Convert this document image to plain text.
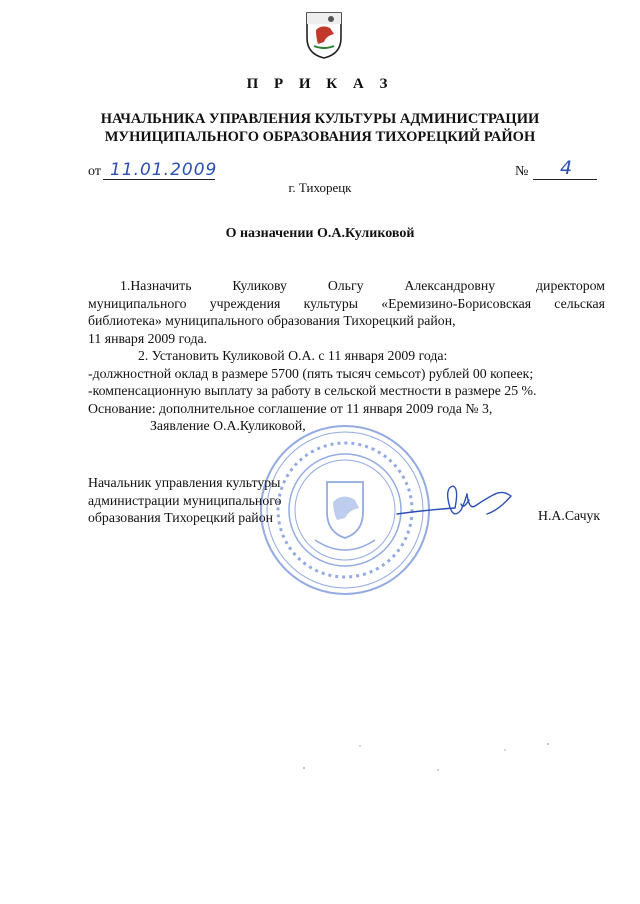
П Р И К А З
НАЧАЛЬНИКА УПРАВЛЕНИЯ КУЛЬТУРЫ АДМИНИСТРАЦИИ
МУНИЦИПАЛЬНОГО ОБРАЗОВАНИЯ ТИХОРЕЦКИЙ РАЙОН
от 11.01.2009	№ 4
г. Тихорецк
О назначении О.А.Куликовой

1.Назначить Куликову Ольгу Александровну директором

муниципального учреждения культуры «Еремизино-Борисовская сельская

библиотека» муниципального образования Тихорецкий район,

11 января 2009 года.

2. Установить Куликовой О.А. с 11 января 2009 года:

-должностной оклад в размере 5700 (пять тысяч семьсот) рублей 00 копеек;

-компенсационную выплату за работу в сельской местности в размере 25 %.

Основание: дополнительное соглашение от 11 января 2009 года № 3,

Заявление О.А.Куликовой,

Начальник управления культуры
администрации муниципального
образования Тихорецкий район	Н.А.Сачук
